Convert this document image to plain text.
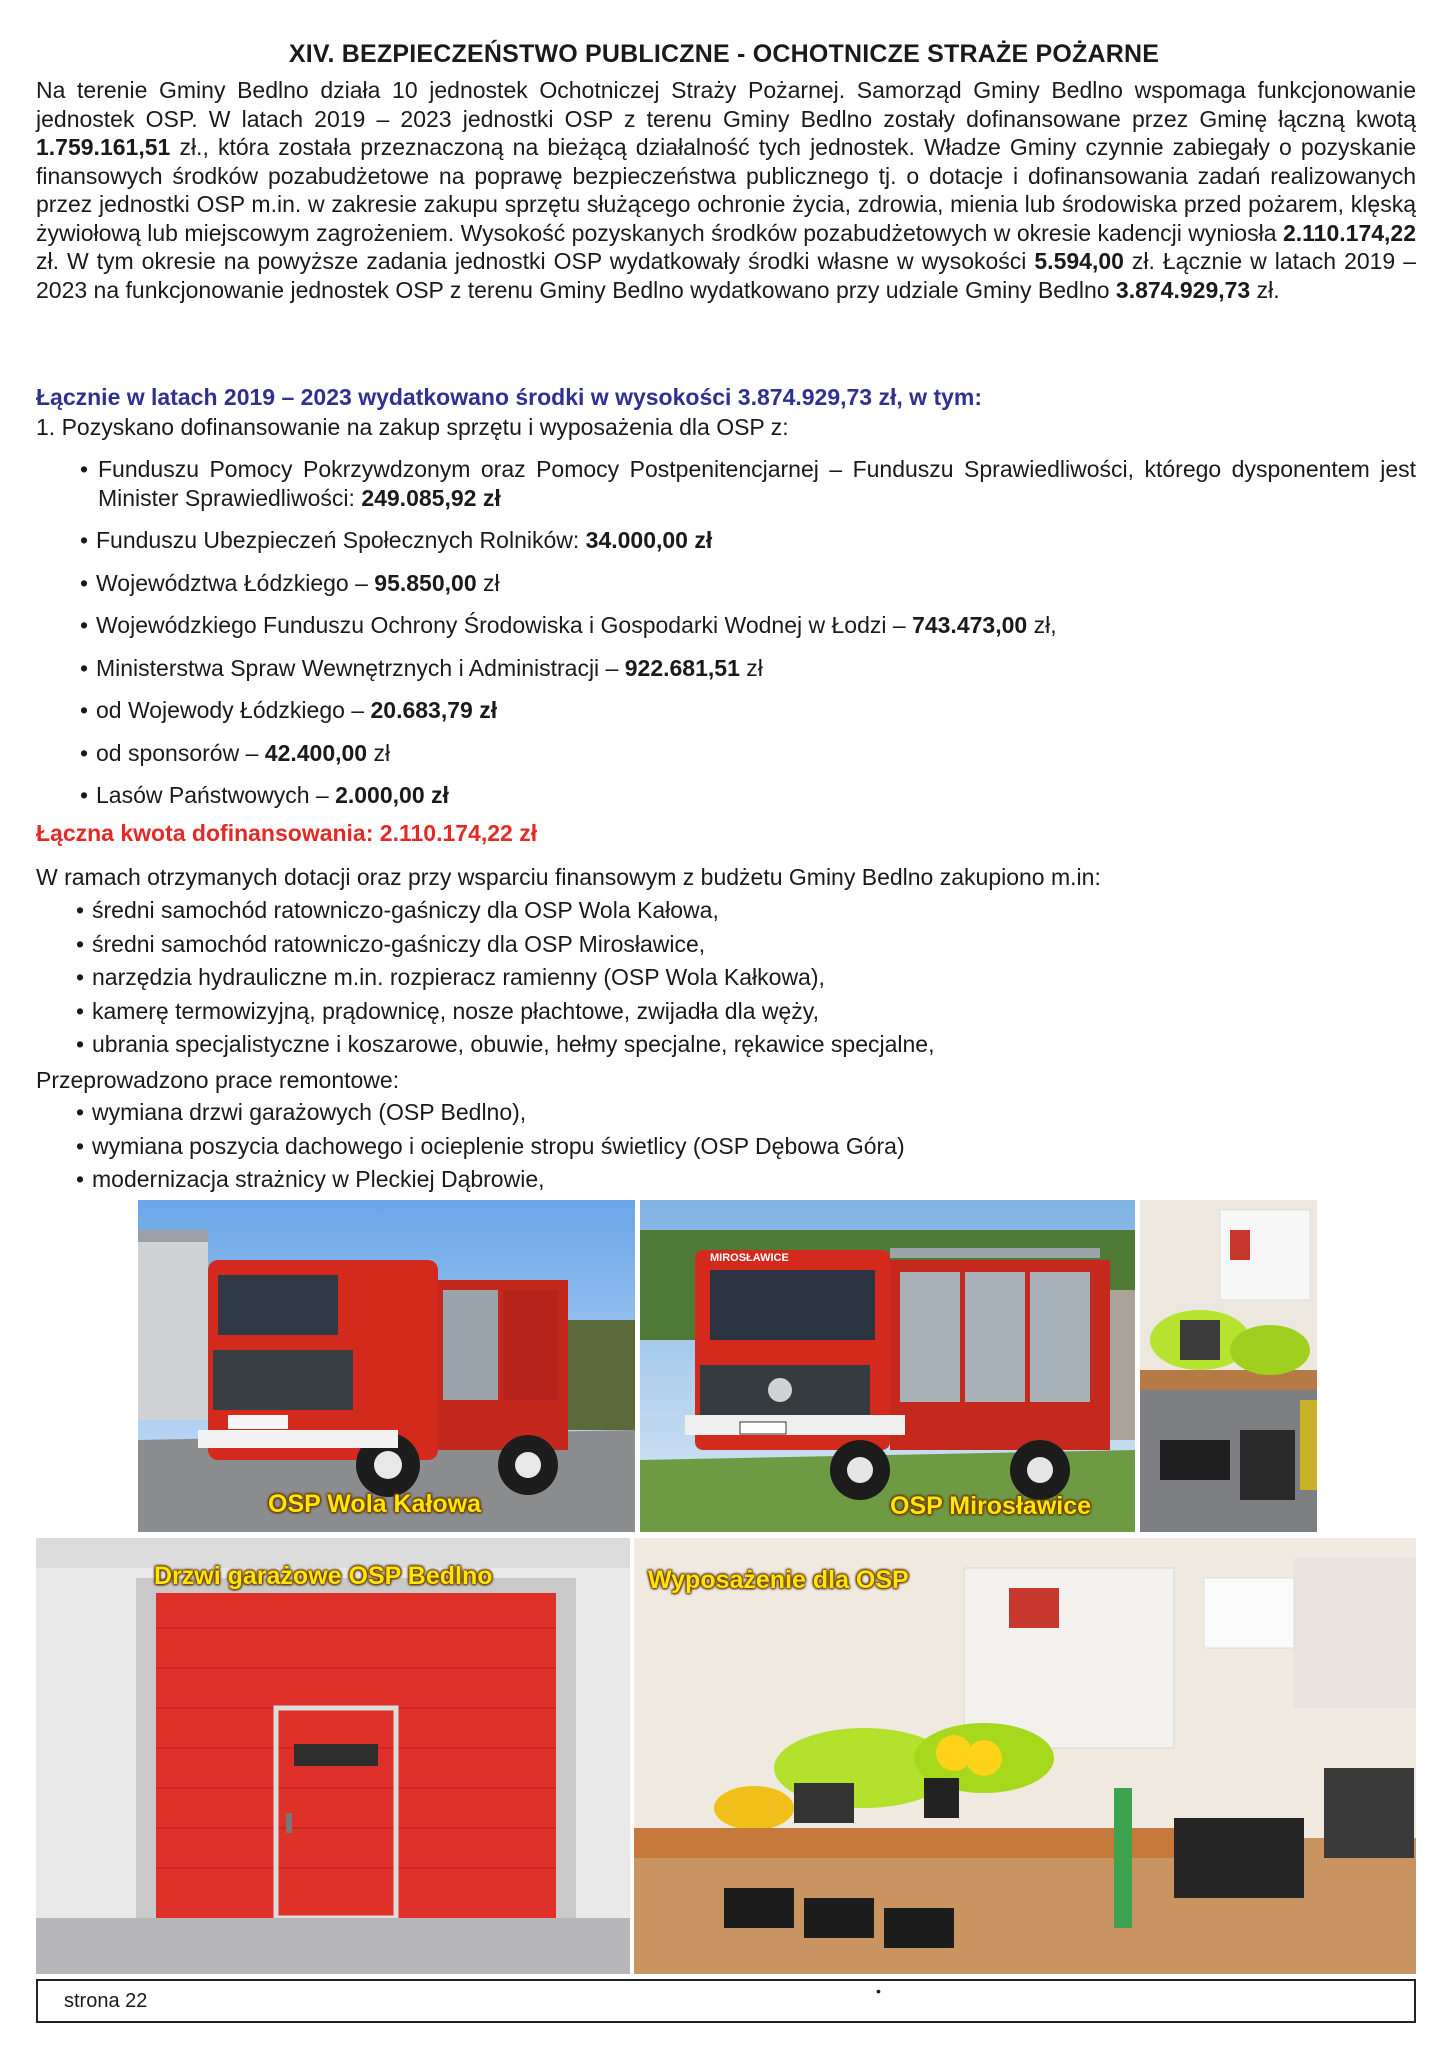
XIV. BEZPIECZEŃSTWO PUBLICZNE - OCHOTNICZE STRAŻE POŻARNE
Na terenie Gminy Bedlno działa 10 jednostek Ochotniczej Straży Pożarnej. Samorząd Gminy Bedlno wspomaga funkcjonowanie jednostek OSP. W latach 2019 – 2023 jednostki OSP z terenu Gminy Bedlno zostały dofinansowane przez Gminę łączną kwotą 1.759.161,51 zł., która została przeznaczoną na bieżącą działalność tych jednostek. Władze Gminy czynnie zabiegały o pozyskanie finansowych środków pozabudżetowe na poprawę bezpieczeństwa publicznego tj. o dotacje i dofinansowania zadań realizowanych przez jednostki OSP m.in. w zakresie zakupu sprzętu służącego ochronie życia, zdrowia, mienia lub środowiska przed pożarem, klęską żywiołową lub miejscowym zagrożeniem. Wysokość pozyskanych środków pozabudżetowych w okresie kadencji wyniosła 2.110.174,22 zł. W tym okresie na powyższe zadania jednostki OSP wydatkowały środki własne w wysokości 5.594,00 zł. Łącznie w latach 2019 – 2023 na funkcjonowanie jednostek OSP z terenu Gminy Bedlno wydatkowano przy udziale Gminy Bedlno 3.874.929,73 zł.
Łącznie w latach 2019 – 2023 wydatkowano środki w wysokości 3.874.929,73 zł, w tym:
1. Pozyskano dofinansowanie na zakup sprzętu i wyposażenia dla OSP z:
• Funduszu Pomocy Pokrzywdzonym oraz Pomocy Postpenitencjarnej – Funduszu Sprawiedliwości, którego dysponentem jest Minister Sprawiedliwości: 249.085,92 zł
• Funduszu Ubezpieczeń Społecznych Rolników: 34.000,00 zł
• Województwa Łódzkiego – 95.850,00 zł
• Wojewódzkiego Funduszu Ochrony Środowiska i Gospodarki Wodnej w Łodzi – 743.473,00 zł,
• Ministerstwa Spraw Wewnętrznych i Administracji – 922.681,51 zł
• od Wojewody Łódzkiego – 20.683,79 zł
• od sponsorów – 42.400,00 zł
• Lasów Państwowych – 2.000,00 zł
Łączna kwota dofinansowania: 2.110.174,22 zł
W ramach otrzymanych dotacji oraz przy wsparciu finansowym z budżetu Gminy Bedlno zakupiono m.in:
• średni samochód ratowniczo-gaśniczy dla OSP Wola Kałowa,
• średni samochód ratowniczo-gaśniczy dla OSP Mirosławice,
• narzędzia hydrauliczne m.in. rozpieracz ramienny (OSP Wola Kałkowa),
• kamerę termowizyjną, prądownicę, nosze płachtowe, zwijadła dla węży,
• ubrania specjalistyczne i koszarowe, obuwie, hełmy specjalne, rękawice specjalne,
Przeprowadzono prace remontowe:
• wymiana drzwi garażowych (OSP Bedlno),
• wymiana poszycia dachowego i ocieplenie stropu świetlicy (OSP Dębowa Góra)
• modernizacja strażnicy w Pleckiej Dąbrowie,
OSP Wola Kałowa
MIROSŁAWICE
OSP Mirosławice
Drzwi garażowe OSP Bedlno	Wyposażenie dla OSP
strona 22	•
